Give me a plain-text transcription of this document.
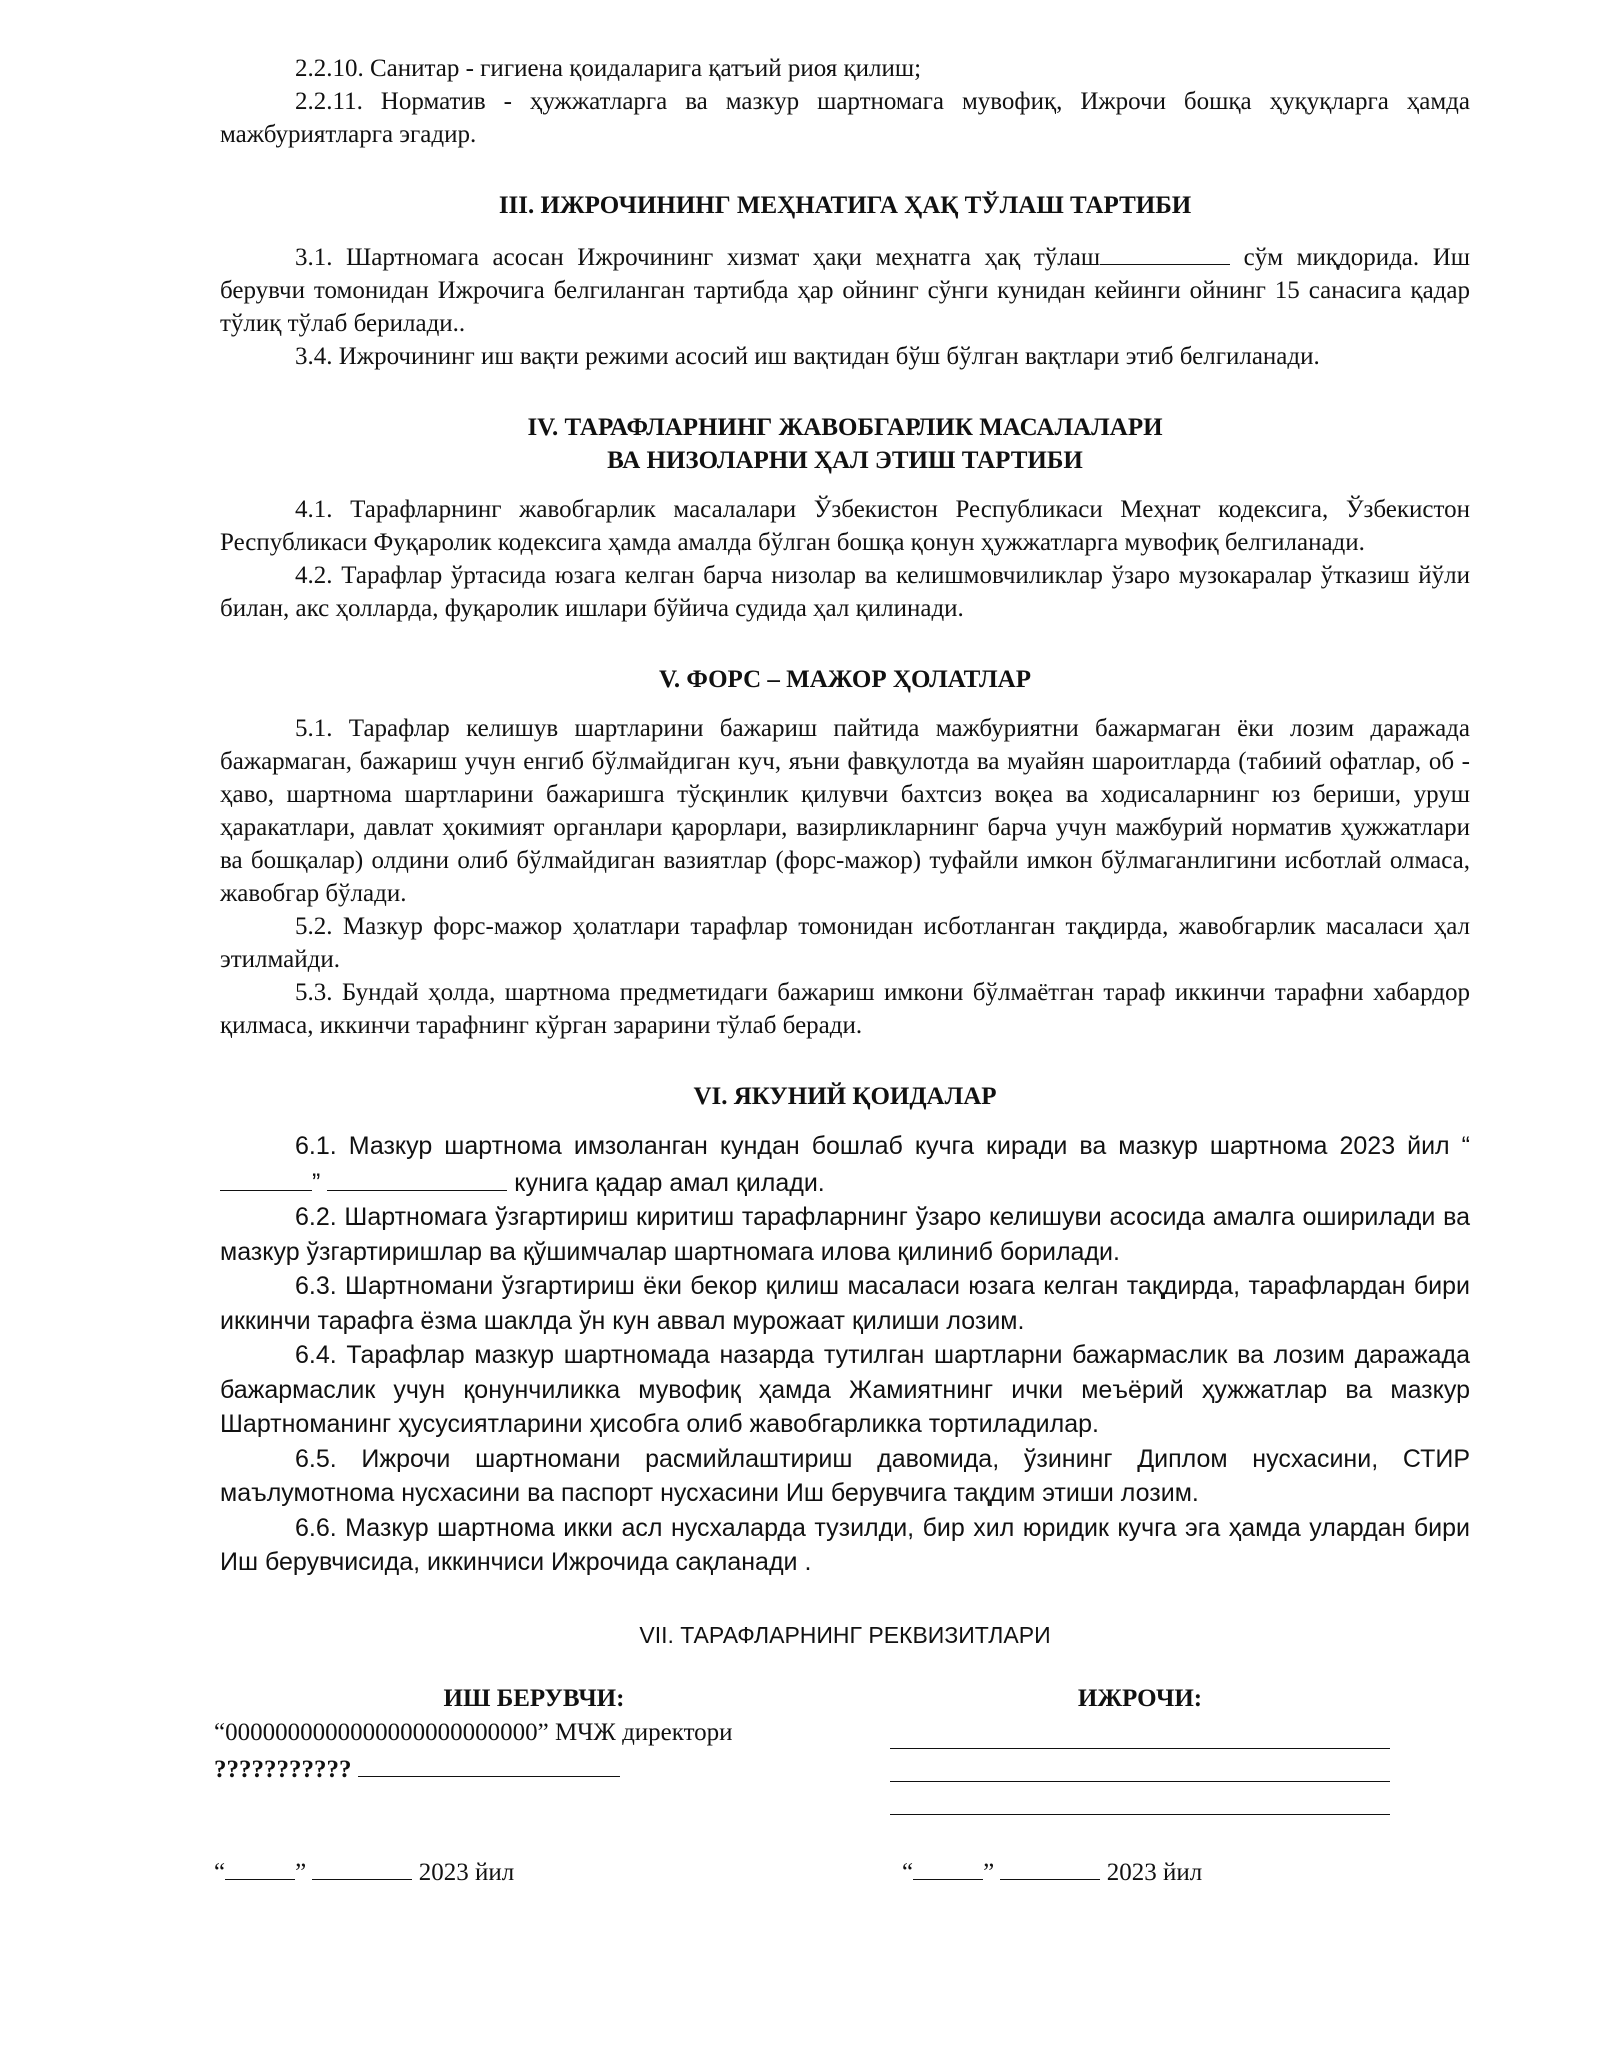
2.2.10. Санитар - гигиена қоидаларига қатъий риоя қилиш;

2.2.11. Норматив - ҳужжатларга ва мазкур шартномага мувофиқ, Ижрочи бошқа ҳуқуқларга ҳамда мажбуриятларга эгадир.

III. ИЖРОЧИНИНГ МЕҲНАТИГА ҲАҚ ТЎЛАШ ТАРТИБИ

3.1. Шартномага асосан Ижрочининг хизмат ҳақи меҳнатга ҳақ тўлаш	сўм миқдорида. Иш берувчи томонидан Ижрочига белгиланган тартибда ҳар ойнинг сўнги кунидан кейинги ойнинг 15 санасига қадар тўлиқ тўлаб берилади..

3.4. Ижрочининг иш вақти режими асосий иш вақтидан бўш бўлган вақтлари этиб белгиланади.

IV. ТАРАФЛАРНИНГ ЖАВОБГАРЛИК МАСАЛАЛАРИ
ВА НИЗОЛАРНИ ҲАЛ ЭТИШ ТАРТИБИ

4.1. Тарафларнинг жавобгарлик масалалари Ўзбекистон Республикаси Меҳнат кодексига, Ўзбекистон Республикаси Фуқаролик кодексига ҳамда амалда бўлган бошқа қонун ҳужжатларга мувофиқ белгиланади.

4.2. Тарафлар ўртасида юзага келган барча низолар ва келишмовчиликлар ўзаро музокаралар ўтказиш йўли билан, акс ҳолларда, фуқаролик ишлари бўйича судида ҳал қилинади.

V. ФОРС – МАЖОР ҲОЛАТЛАР

5.1. Тарафлар келишув шартларини бажариш пайтида мажбуриятни бажармаган ёки лозим даражада бажармаган, бажариш учун енгиб бўлмайдиган куч, яъни фавқулотда ва муайян шароитларда (табиий офатлар, об - ҳаво, шартнома шартларини бажаришга тўсқинлик қилувчи бахтсиз воқеа ва ходисаларнинг юз бериши, уруш ҳаракатлари, давлат ҳокимият органлари қарорлари, вазирликларнинг барча учун мажбурий норматив ҳужжатлари ва бошқалар) олдини олиб бўлмайдиган вазиятлар (форс-мажор) туфайли имкон бўлмаганлигини исботлай олмаса, жавобгар бўлади.

5.2. Мазкур форс-мажор ҳолатлари тарафлар томонидан исботланган тақдирда, жавобгарлик масаласи ҳал этилмайди.

5.3. Бундай ҳолда, шартнома предметидаги бажариш имкони бўлмаётган тараф иккинчи тарафни хабардор қилмаса, иккинчи тарафнинг кўрган зарарини тўлаб беради.

VI. ЯКУНИЙ ҚОИДАЛАР

6.1. Мазкур шартнома имзоланган кундан бошлаб кучга киради ва мазкур шартнома 2023 йил “”	кунига қадар амал қилади.

6.2. Шартномага ўзгартириш киритиш тарафларнинг ўзаро келишуви асосида амалга оширилади ва мазкур ўзгартиришлар ва қўшимчалар шартномага илова қилиниб борилади.

6.3. Шартномани ўзгартириш ёки бекор қилиш масаласи юзага келган тақдирда, тарафлардан бири иккинчи тарафга ёзма шаклда ўн кун аввал мурожаат қилиши лозим.

6.4. Тарафлар мазкур шартномада назарда тутилган шартларни бажармаслик ва лозим даражада бажармаслик учун қонунчиликка мувофиқ ҳамда Жамиятнинг ички меъёрий ҳужжатлар ва мазкур Шартноманинг ҳусусиятларини ҳисобга олиб жавобгарликка тортиладилар.

6.5. Ижрочи шартномани расмийлаштириш давомида, ўзининг Диплом нусхасини, СТИР маълумотнома нусхасини ва паспорт нусхасини Иш берувчига тақдим этиши лозим.

6.6. Мазкур шартнома икки асл нусхаларда тузилди, бир хил юридик кучга эга ҳамда улардан бири Иш берувчисида, иккинчиси Ижрочида сақланади .

VII. ТАРАФЛАРНИНГ РЕКВИЗИТЛАРИ
ИШ БЕРУВЧИ:
“0000000000000000000000000” МЧЖ директори
???????????
ИЖРОЧИ:
“	”	2023 йил	“	”	2023 йил
